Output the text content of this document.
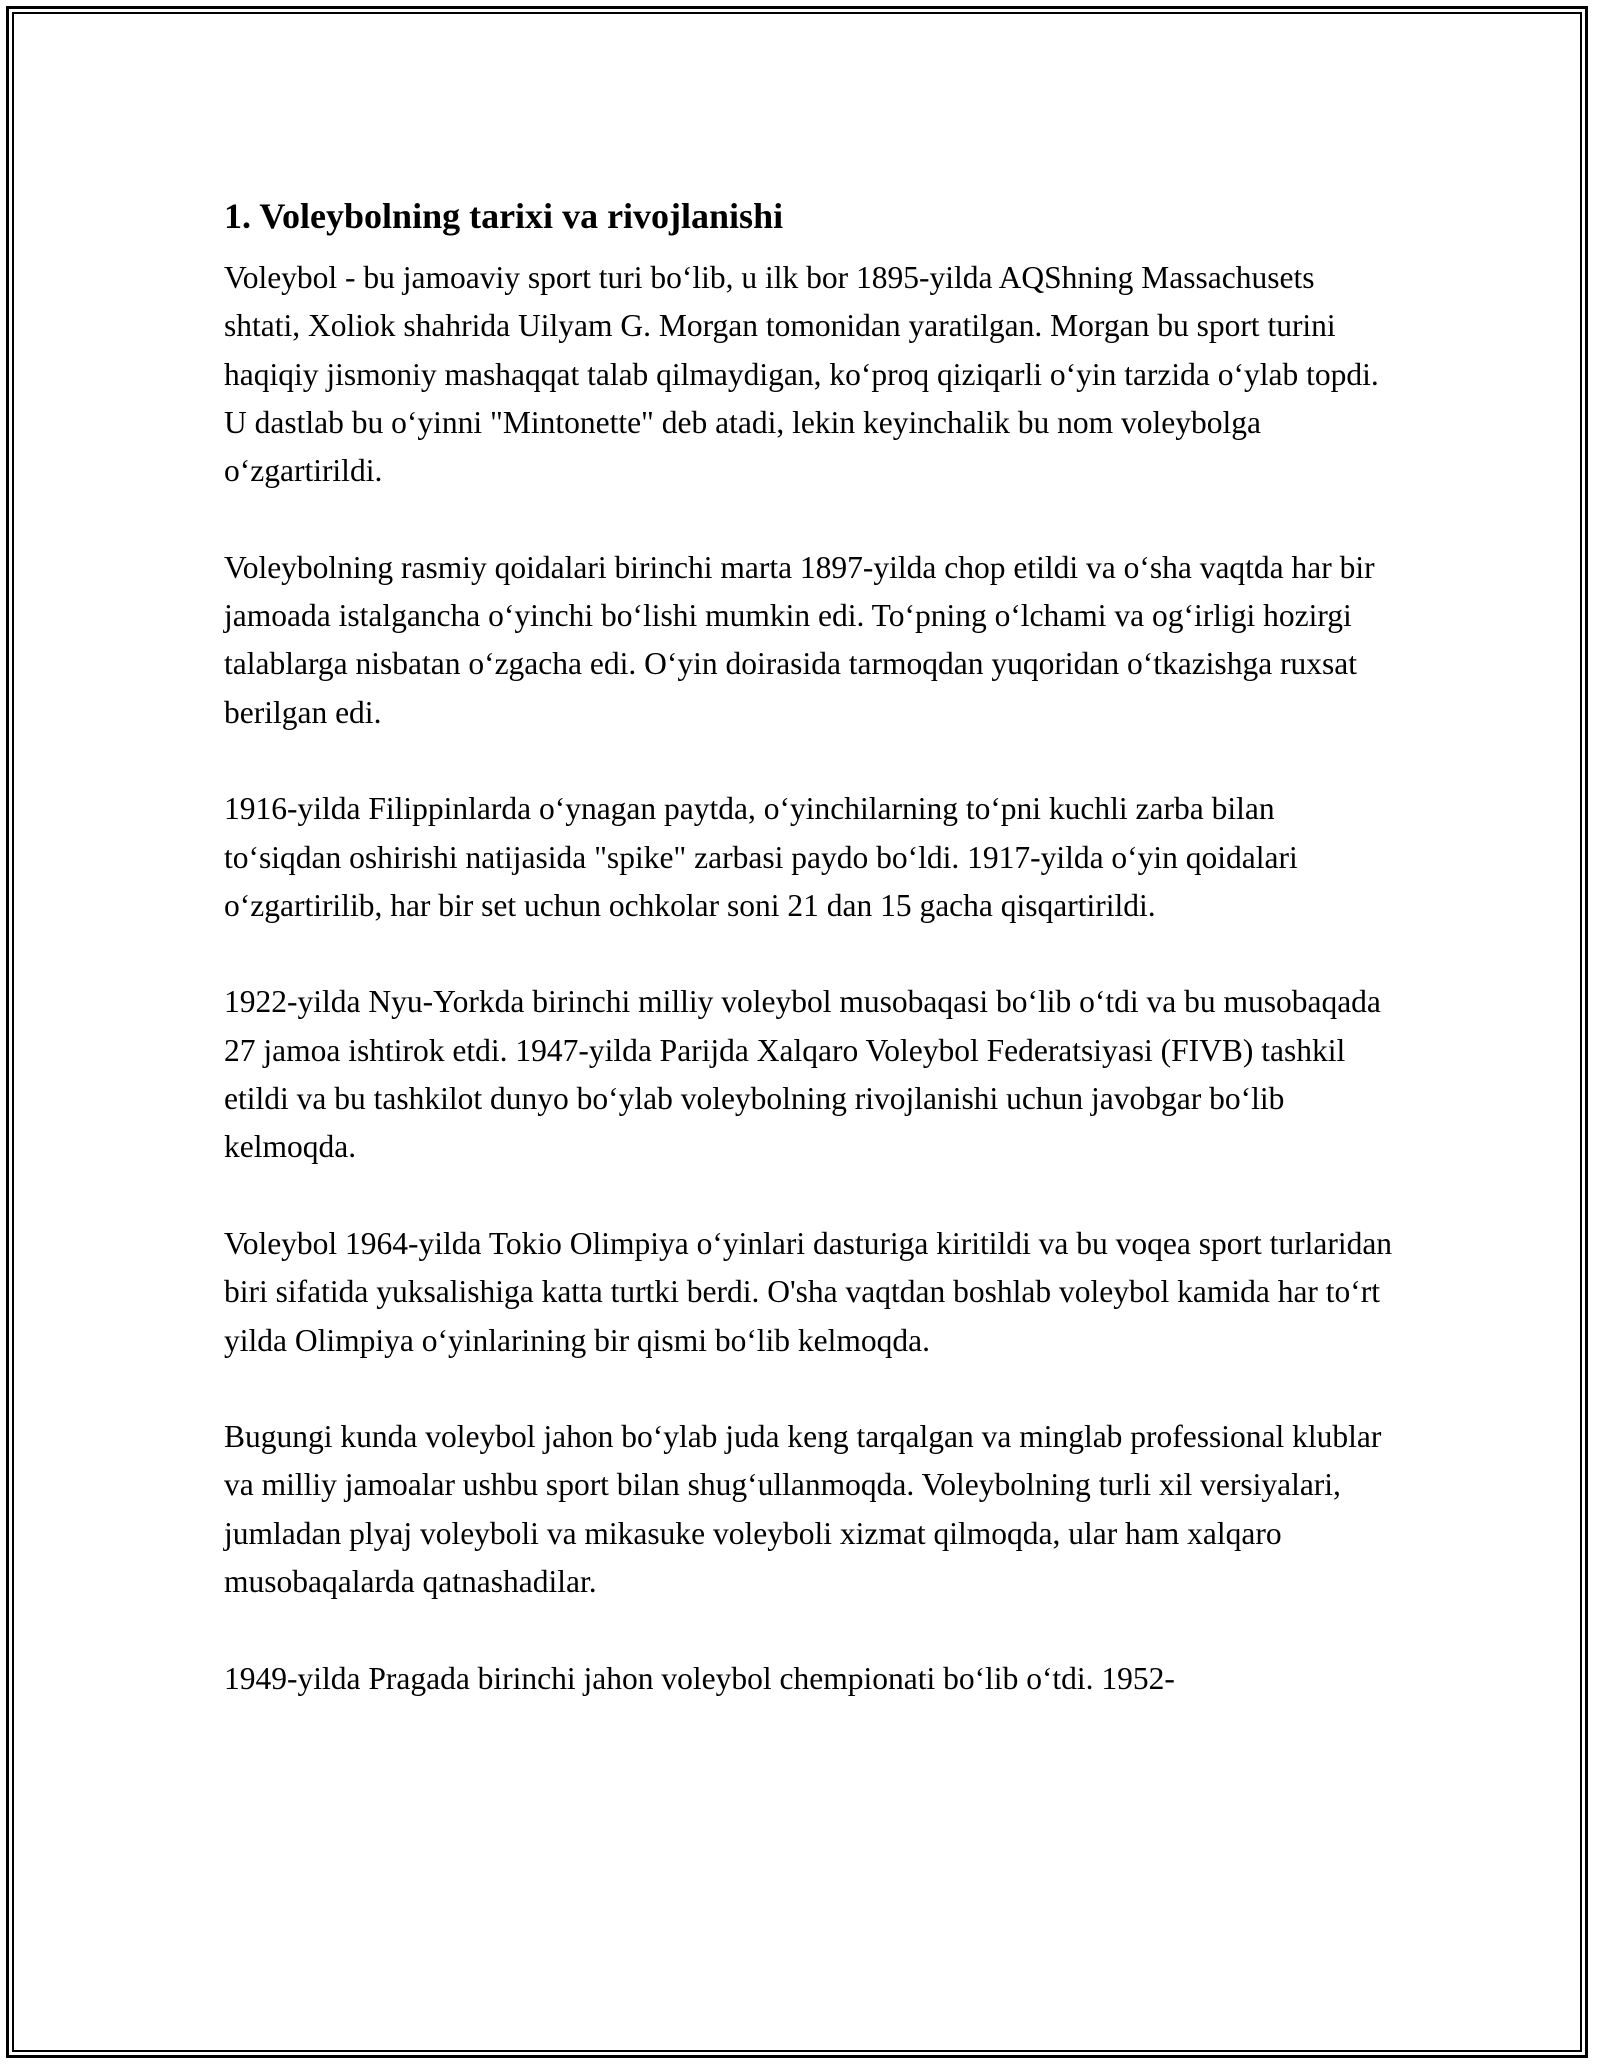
1. Voleybolning tarixi va rivojlanishi

Voleybol - bu jamoaviy sport turi boʻlib, u ilk bor 1895-yilda AQShning Massachusets shtati, Xoliok shahrida Uilyam G. Morgan tomonidan yaratilgan. Morgan bu sport turini haqiqiy jismoniy mashaqqat talab qilmaydigan, koʻproq qiziqarli oʻyin tarzida oʻylab topdi. U dastlab bu oʻyinni "Mintonette" deb atadi, lekin keyinchalik bu nom voleybolga oʻzgartirildi.

Voleybolning rasmiy qoidalari birinchi marta 1897-yilda chop etildi va oʻsha vaqtda har bir jamoada istalgancha oʻyinchi boʻlishi mumkin edi. Toʻpning oʻlchami va ogʻirligi hozirgi talablarga nisbatan oʻzgacha edi. Oʻyin doirasida tarmoqdan yuqoridan oʻtkazishga ruxsat berilgan edi.

1916-yilda Filippinlarda oʻynagan paytda, oʻyinchilarning toʻpni kuchli zarba bilan toʻsiqdan oshirishi natijasida "spike" zarbasi paydo boʻldi. 1917-yilda oʻyin qoidalari oʻzgartirilib, har bir set uchun ochkolar soni 21 dan 15 gacha qisqartirildi.

1922-yilda Nyu-Yorkda birinchi milliy voleybol musobaqasi boʻlib oʻtdi va bu musobaqada 27 jamoa ishtirok etdi. 1947-yilda Parijda Xalqaro Voleybol Federatsiyasi (FIVB) tashkil etildi va bu tashkilot dunyo boʻylab voleybolning rivojlanishi uchun javobgar boʻlib kelmoqda.

Voleybol 1964-yilda Tokio Olimpiya oʻyinlari dasturiga kiritildi va bu voqea sport turlaridan biri sifatida yuksalishiga katta turtki berdi. O'sha vaqtdan boshlab voleybol kamida har toʻrt yilda Olimpiya oʻyinlarining bir qismi boʻlib kelmoqda.

Bugungi kunda voleybol jahon boʻylab juda keng tarqalgan va minglab professional klublar va milliy jamoalar ushbu sport bilan shugʻullanmoqda. Voleybolning turli xil versiyalari, jumladan plyaj voleyboli va mikasuke voleyboli xizmat qilmoqda, ular ham xalqaro musobaqalarda qatnashadilar.

1949-yilda Pragada birinchi jahon voleybol chempionati boʻlib oʻtdi. 1952-
